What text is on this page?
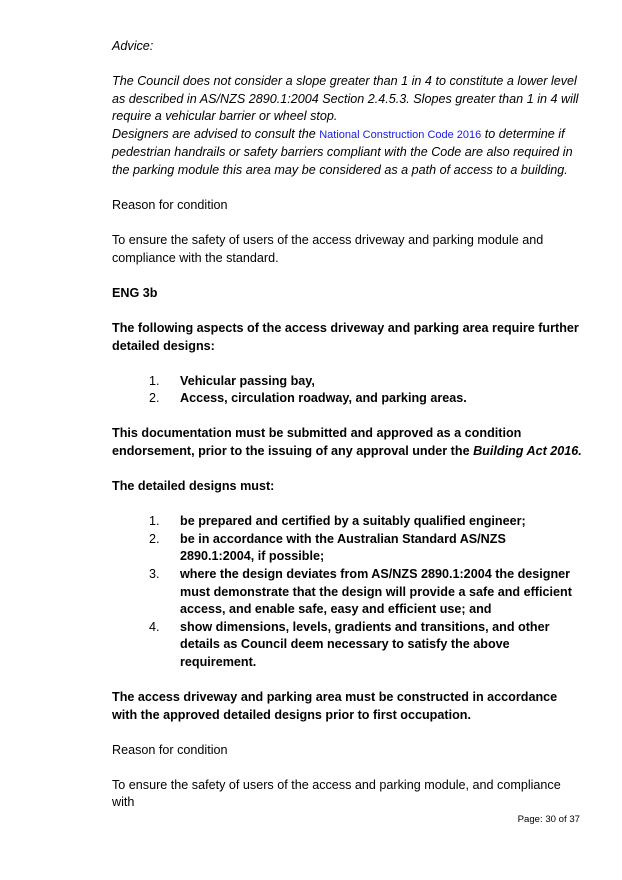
Advice:

The Council does not consider a slope greater than 1 in 4 to constitute a lower level as described in AS/NZS 2890.1:2004 Section 2.4.5.3. Slopes greater than 1 in 4 will require a vehicular barrier or wheel stop.

Designers are advised to consult the National Construction Code 2016 to determine if pedestrian handrails or safety barriers compliant with the Code are also required in the parking module this area may be considered as a path of access to a building.

Reason for condition

To ensure the safety of users of the access driveway and parking module and compliance with the standard.

ENG 3b

The following aspects of the access driveway and parking area require further detailed designs:

1.	Vehicular passing bay,
2.	Access, circulation roadway, and parking areas.

This documentation must be submitted and approved as a condition endorsement, prior to the issuing of any approval under the Building Act 2016.

The detailed designs must:

1.	be prepared and certified by a suitably qualified engineer;
2.	be in accordance with the Australian Standard AS/NZS 2890.1:2004, if possible;
3.	where the design deviates from AS/NZS 2890.1:2004 the designer must demonstrate that the design will provide a safe and efficient access, and enable safe, easy and efficient use; and
4.	show dimensions, levels, gradients and transitions, and other details as Council deem necessary to satisfy the above requirement.

The access driveway and parking area must be constructed in accordance with the approved detailed designs prior to first occupation.

Reason for condition

To ensure the safety of users of the access and parking module, and compliance with

Page: 30 of 37
